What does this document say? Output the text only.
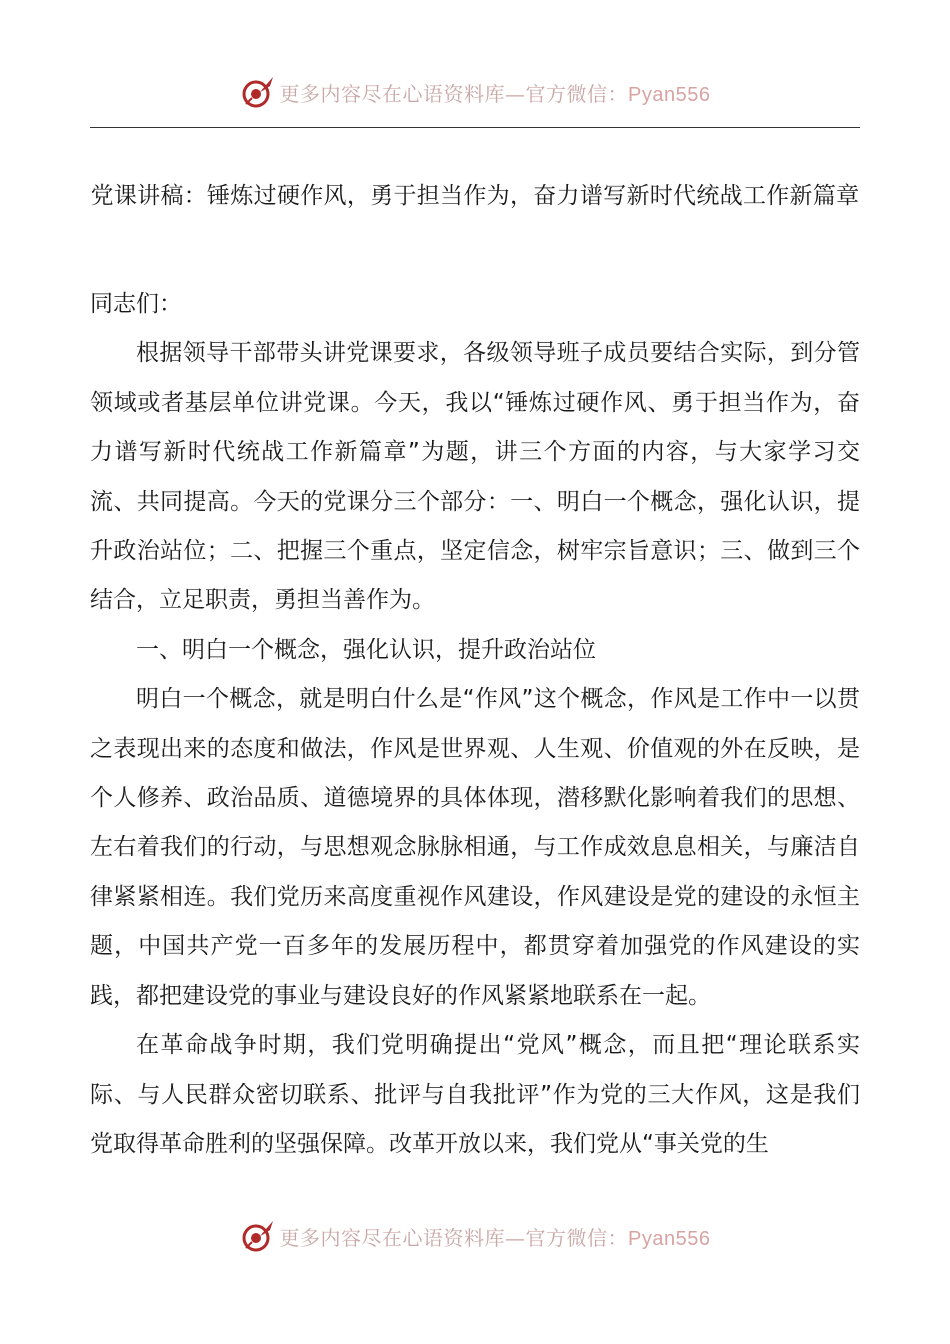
更多内容尽在心语资料库—官方微信：Pyan556
党课讲稿：锤炼过硬作风，勇于担当作为，奋力谱写新时代统战工作新篇章

同志们：

根据领导干部带头讲党课要求，各级领导班子成员要结合实际，到分管领域或者基层单位讲党课。今天，我以“锤炼过硬作风、勇于担当作为，奋力谱写新时代统战工作新篇章”为题，讲三个方面的内容，与大家学习交流、共同提高。今天的党课分三个部分：一、明白一个概念，强化认识，提升政治站位；二、把握三个重点，坚定信念，树牢宗旨意识；三、做到三个结合，立足职责，勇担当善作为。

一、明白一个概念，强化认识，提升政治站位

明白一个概念，就是明白什么是“作风”这个概念，作风是工作中一以贯之表现出来的态度和做法，作风是世界观、人生观、价值观的外在反映，是个人修养、政治品质、道德境界的具体体现，潜移默化影响着我们的思想、左右着我们的行动，与思想观念脉脉相通，与工作成效息息相关，与廉洁自律紧紧相连。我们党历来高度重视作风建设，作风建设是党的建设的永恒主题，中国共产党一百多年的发展历程中，都贯穿着加强党的作风建设的实践，都把建设党的事业与建设良好的作风紧紧地联系在一起。

在革命战争时期，我们党明确提出“党风”概念，而且把“理论联系实际、与人民群众密切联系、批评与自我批评”作为党的三大作风，这是我们党取得革命胜利的坚强保障。改革开放以来，我们党从“事关党的生

更多内容尽在心语资料库—官方微信：Pyan556
